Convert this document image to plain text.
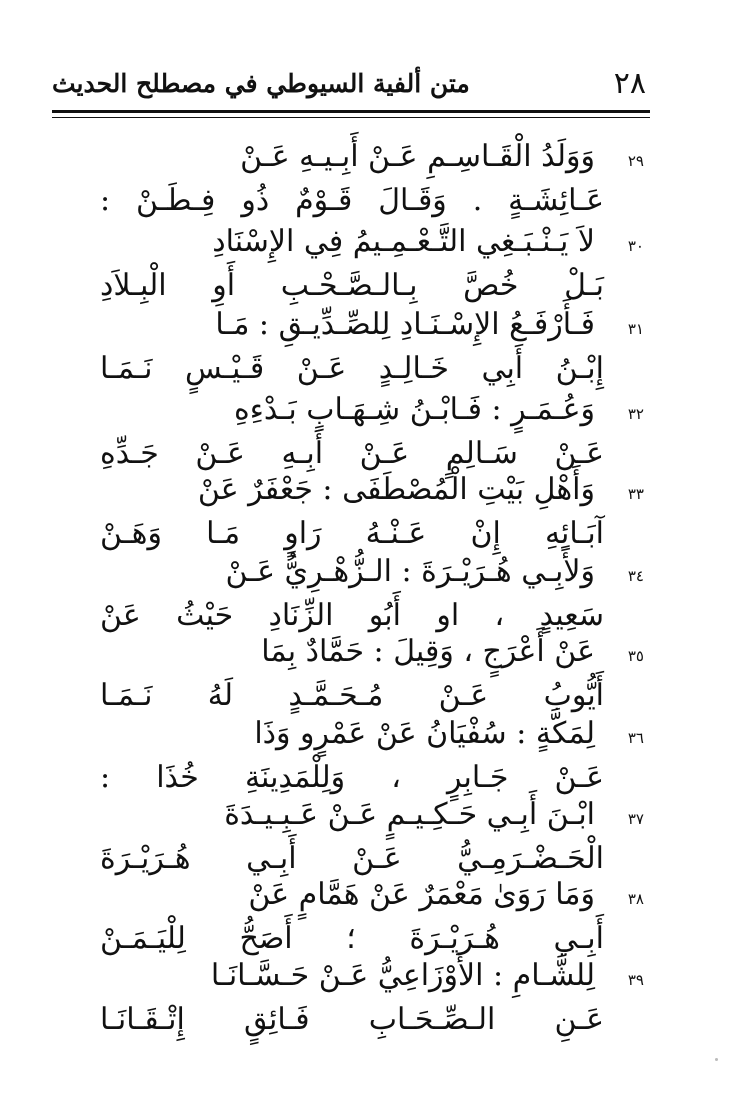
متن ألفية السيوطي في مصطلح الحديث	٢٨
٢٩
وَوَلَدُ الْقَـاسِـمِ عَـنْ أَبِـيـهِ عَـنْ
عَـائِشَـةٍ . وَقَـالَ قَـوْمٌ ذُو فِـطَـنْ :
٣٠
لاَ يَـنْـبَـغِي التَّـعْـمِـيمُ فِي الإِسْنَادِ
بَـلْ خُصَّ بِـالـصَّـحْـبِ أَوِ الْبِـلاَدِ
٣١
فَـأَرْفَـعُ الإِسْـنَـادِ لِلصِّـدِّيـقِ : مَـا
إِبْـنُ أَبِي خَـالِـدٍ عَـنْ قَـيْـسٍ نَـمَـا
٣٢
وَعُـمَـرٍ : فَـابْـنُ شِـهَـابٍ بَـدْءِهِ
عَـنْ سَـالِمٍ عَـنْ أَبِـهِ عَـنْ جَـدِّهِ
٣٣
وَأَهْلِ بَيْتِ الْمُصْطَفَى : جَعْفَرٌ عَنْ
آبَـائِهِ إِنْ عَـنْـهُ رَاوٍ مَـا وَهَـنْ
٣٤
وَلأَبِـي هُـرَيْـرَةَ : الـزُّهْـرِيُّ عَـنْ
سَعِيدٍ ، او أَبُو الزِّنَادِ حَيْثُ عَنْ
٣٥
عَنْ أَعْرَجٍ ، وَقِيلَ : حَمَّادٌ بِمَا
أَيُّوبُ عَـنْ مُـحَـمَّـدٍ لَهُ نَـمَـا
٣٦
لِمَكَّةٍ : سُفْيَانُ عَنْ عَمْرٍو وَذَا
عَـنْ جَـابِرٍ ، وَلِلْمَدِينَةِ خُذَا :
٣٧
ابْـنَ أَبِـي حَـكِـيـمٍ عَـنْ عَـبِـيـدَةَ
الْحَـضْـرَمِـيُّ عَـنْ أَبِـي هُـرَيْـرَةَ
٣٨
وَمَا رَوَىٰ مَعْمَرٌ عَنْ هَمَّامٍ عَنْ
أَبِـي هُـرَيْـرَةَ ؛ أَصَحُّ لِلْيَـمَـنْ
٣٩
لِلشَّـامِ : الأَوْزَاعِيُّ عَـنْ حَـسَّـانَـا
عَـنِ الـصِّـحَـابِ فَـائِقٍ إِتْـقَـانَـا
